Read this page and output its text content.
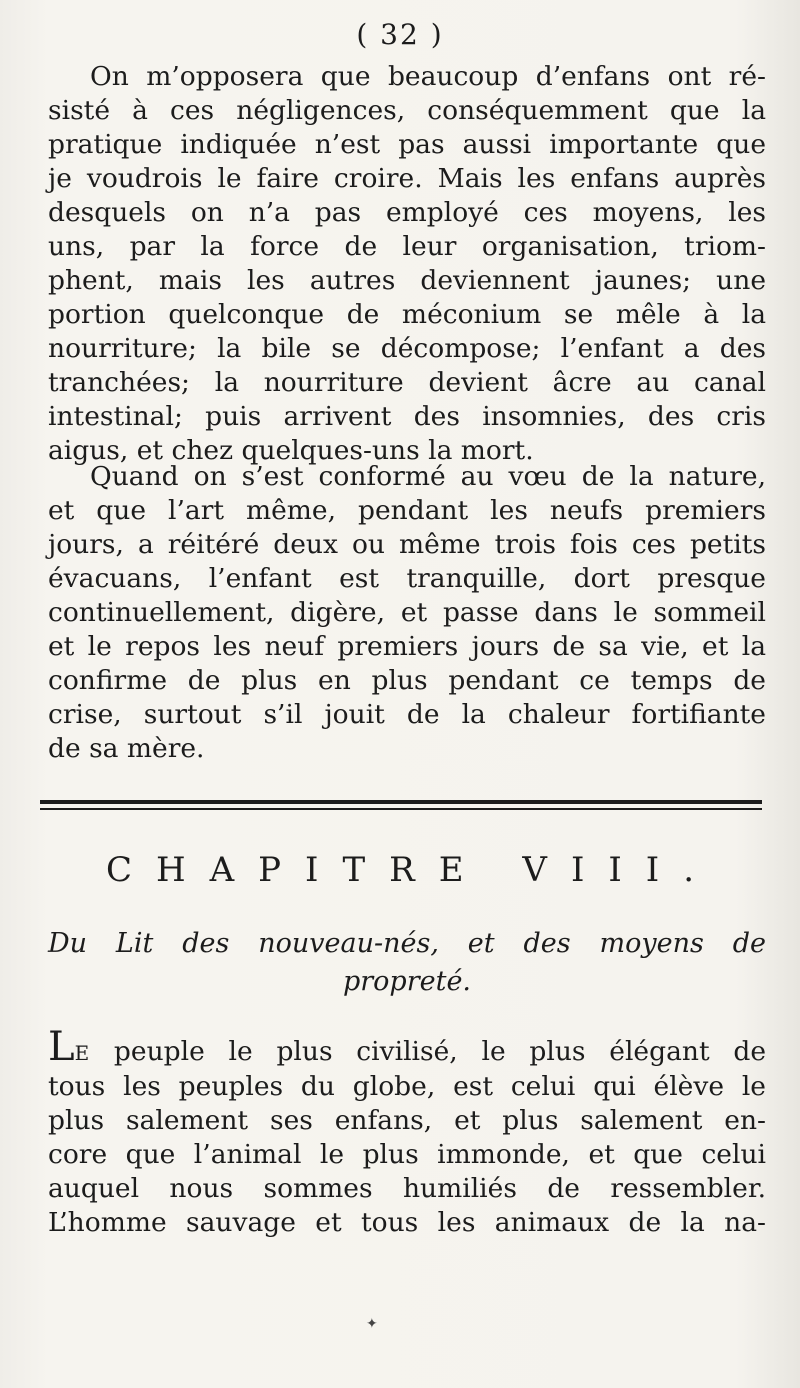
( 32 )
On m’opposera que beaucoup d’enfans ont ré-
sisté à ces négligences, conséquemment que la
pratique indiquée n’est pas aussi importante que
je voudrois le faire croire. Mais les enfans auprès
desquels on n’a pas employé ces moyens, les
uns, par la force de leur organisation, triom-
phent, mais les autres deviennent jaunes; une
portion quelconque de méconium se mêle à la
nourriture; la bile se décompose; l’enfant a des
tranchées; la nourriture devient âcre au canal
intestinal; puis arrivent des insomnies, des cris
aigus, et chez quelques-uns la mort.
Quand on s’est conformé au vœu de la nature,
et que l’art même, pendant les neufs premiers
jours, a réitéré deux ou même trois fois ces petits
évacuans, l’enfant est tranquille, dort presque
continuellement, digère, et passe dans le sommeil
et le repos les neuf premiers jours de sa vie, et la
confirme de plus en plus pendant ce temps de
crise, surtout s’il jouit de la chaleur fortifiante
de sa mère.
CHAPITRE VIII.
Du Lit des nouveau-nés, et des moyens de
propreté.
LE peuple le plus civilisé, le plus élégant de
tous les peuples du globe, est celui qui élève le
plus salement ses enfans, et plus salement en-
core que l’animal le plus immonde, et que celui
auquel nous sommes humiliés de ressembler.
L’homme sauvage et tous les animaux de la na-
✦
